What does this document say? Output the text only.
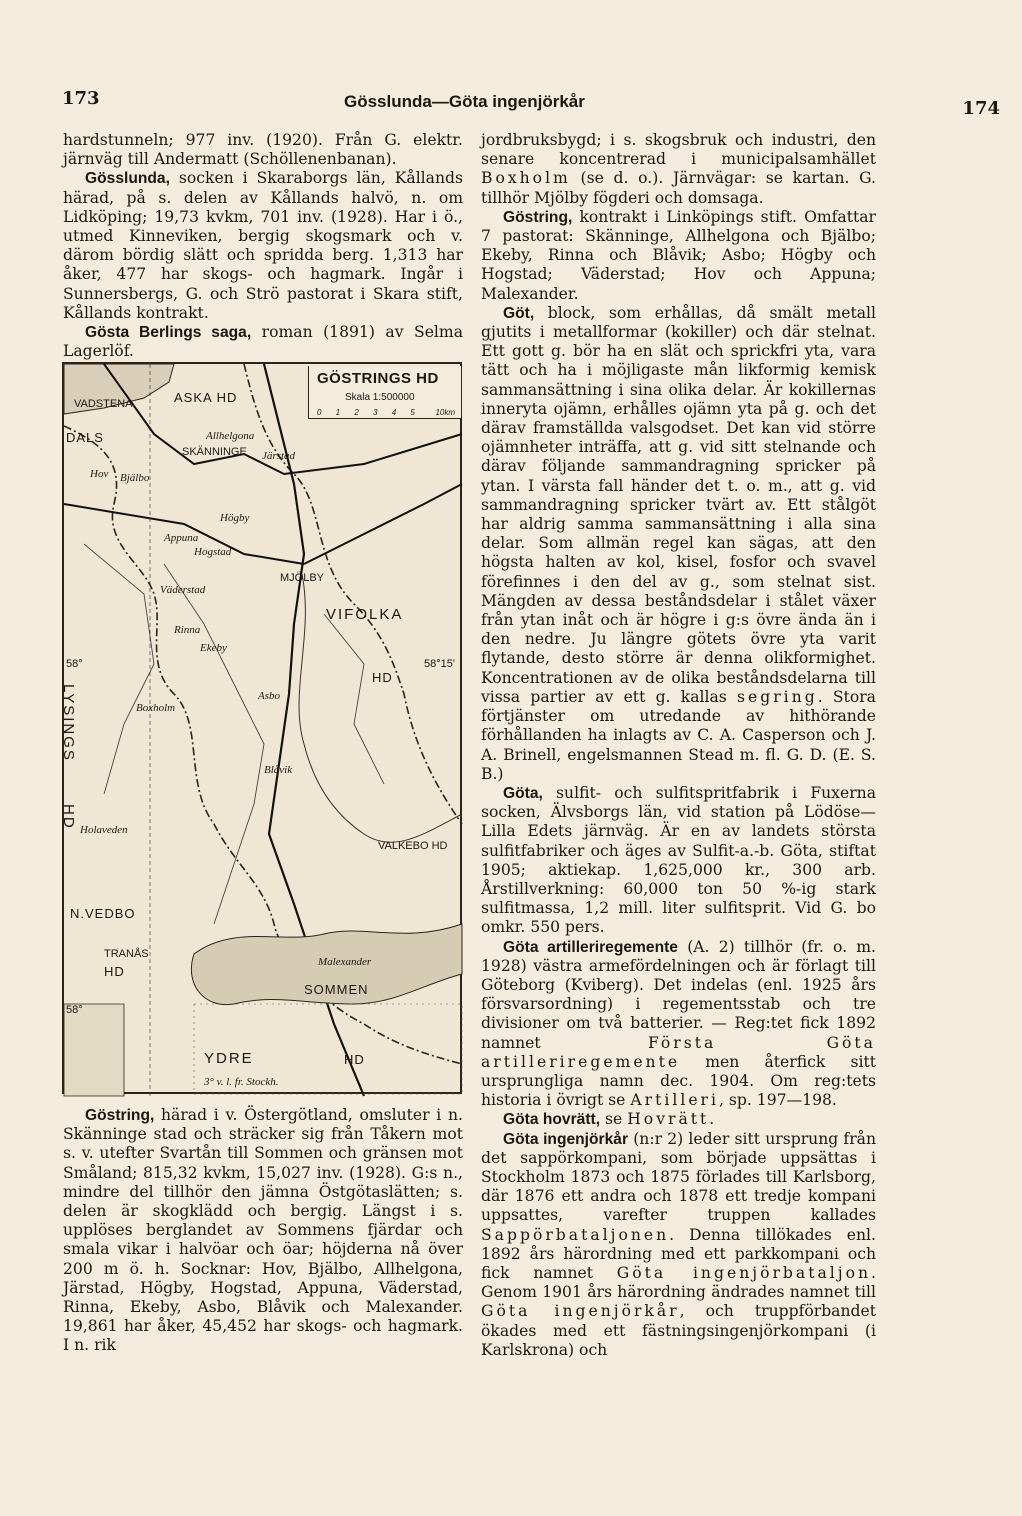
173	Gösslunda—Göta ingenjörkår	174

hardstunneln; 977 inv. (1920). Från G. elektr. järnväg till Andermatt (Schöllenenbanan).

Gösslunda, socken i Skaraborgs län, Kållands härad, på s. delen av Kållands halvö, n. om Lidköping; 19,73 kvkm, 701 inv. (1928). Har i ö., utmed Kinneviken, bergig skogsmark och v. därom bördig slätt och spridda berg. 1,313 har åker, 477 har skogs- och hagmark. Ingår i Sunnersbergs, G. och Strö pastorat i Skara stift, Kållands kontrakt.

Gösta Berlings saga, roman (1891) av Selma Lagerlöf.

GÖSTRINGS HD
Skala 1:500000
0 1 2 3 4 5 10km
VADSTENA
DALS
ASKA HD
Hov Bjälbo
Allhelgona
SKÄNNINGE Järstad
Högby
Appuna
Hogstad
MJÖLBY
Väderstad
VIFOLKA
Rinna
Ekeby
Asbo
Boxholm
LYSINGS
HD
HD
Holaveden
N.VEDBO
TRANÅS
HD
Malexander
SOMMEN
YDRE	HD
VALKEBO HD
Blåvik
58°	58°15'
58°
3° v. l. fr. Stockh.

Göstring, härad i v. Östergötland, omsluter i n. Skänninge stad och sträcker sig från Tåkern mot s. v. utefter Svartån till Sommen och gränsen mot Småland; 815,32 kvkm, 15,027 inv. (1928). G:s n., mindre del tillhör den jämna Östgötaslätten; s. delen är skogklädd och bergig. Längst i s. upplöses berglandet av Sommens fjärdar och smala vikar i halvöar och öar; höjderna nå över 200 m ö. h. Socknar: Hov, Bjälbo, Allhelgona, Järstad, Högby, Hogstad, Appuna, Väderstad, Rinna, Ekeby, Asbo, Blåvik och Malexander. 19,861 har åker, 45,452 har skogs- och hagmark. I n. rik

jordbruksbygd; i s. skogsbruk och industri, den senare koncentrerad i municipalsamhället Boxholm (se d. o.). Järnvägar: se kartan. G. tillhör Mjölby fögderi och domsaga.

Göstring, kontrakt i Linköpings stift. Omfattar 7 pastorat: Skänninge, Allhelgona och Bjälbo; Ekeby, Rinna och Blåvik; Asbo; Högby och Hogstad; Väderstad; Hov och Appuna; Malexander.

Göt, block, som erhållas, då smält metall gjutits i metallformar (kokiller) och där stelnat. Ett gott g. bör ha en slät och sprickfri yta, vara tätt och ha i möjligaste mån likformig kemisk sammansättning i sina olika delar. Är kokillernas inneryta ojämn, erhålles ojämn yta på g. och det därav framställda valsgodset. Det kan vid större ojämnheter inträffa, att g. vid sitt stelnande och därav följande sammandragning spricker på ytan. I värsta fall händer det t. o. m., att g. vid sammandragning spricker tvärt av. Ett stålgöt har aldrig samma sammansättning i alla sina delar. Som allmän regel kan sägas, att den högsta halten av kol, kisel, fosfor och svavel förefinnes i den del av g., som stelnat sist. Mängden av dessa beståndsdelar i stålet växer från ytan inåt och är högre i g:s övre ända än i den nedre. Ju längre götets övre yta varit flytande, desto större är denna olikformighet. Koncentrationen av de olika beståndsdelarna till vissa partier av ett g. kallas segring. Stora förtjänster om utredande av hithörande förhållanden ha inlagts av C. A. Casperson och J. A. Brinell, engelsmannen Stead m. fl. G. D. (E. S. B.)

Göta, sulfit- och sulfitspritfabrik i Fuxerna socken, Älvsborgs län, vid station på Lödöse—Lilla Edets järnväg. Är en av landets största sulfitfabriker och äges av Sulfit-a.-b. Göta, stiftat 1905; aktiekap. 1,625,000 kr., 300 arb. Årstillverkning: 60,000 ton 50 %-ig stark sulfitmassa, 1,2 mill. liter sulfitsprit. Vid G. bo omkr. 550 pers.

Göta artilleriregemente (A. 2) tillhör (fr. o. m. 1928) västra armefördelningen och är förlagt till Göteborg (Kviberg). Det indelas (enl. 1925 års försvarsordning) i regementsstab och tre divisioner om två batterier. — Reg:tet fick 1892 namnet	Första Göta artilleriregemente men återfick sitt ursprungliga namn dec. 1904. Om reg:tets historia i övrigt se Artilleri, sp. 197—198.

Göta hovrätt, se Hovrätt.

Göta ingenjörkår (n:r 2) leder sitt ursprung från det sappörkompani, som började uppsättas i Stockholm 1873 och 1875 förlades till Karlsborg, där 1876 ett andra och 1878 ett tredje kompani uppsattes, varefter truppen kallades Sappörbataljonen. Denna tillökades enl. 1892 års härordning med ett parkkompani och fick namnet Göta ingenjörbataljon. Genom 1901 års härordning ändrades namnet till Göta ingenjörkår, och truppförbandet ökades med ett fästningsingenjörkompani (i Karlskrona) och
